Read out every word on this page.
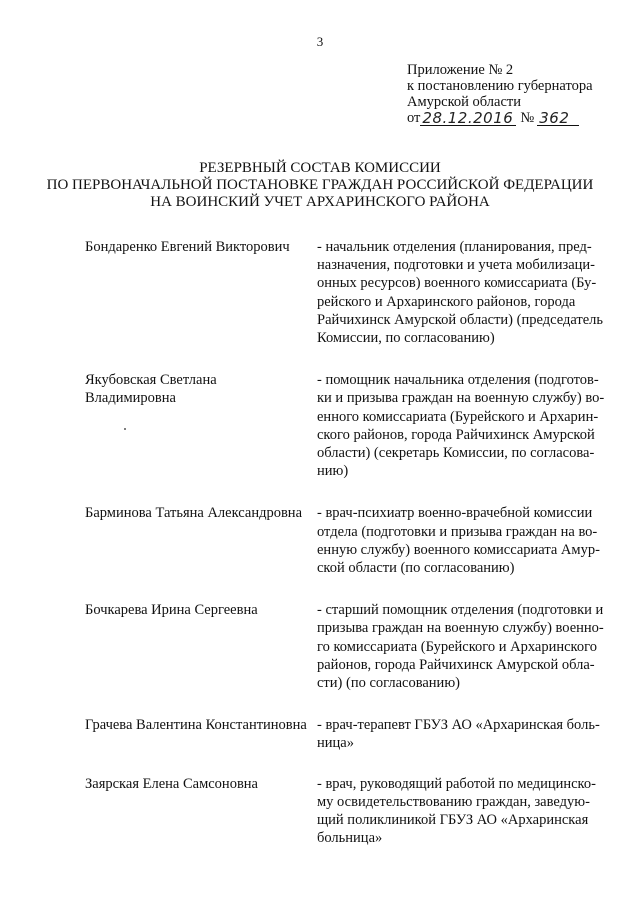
3
Приложение № 2
к постановлению губернатора
Амурской области
от 28.12.2016 № 362
РЕЗЕРВНЫЙ СОСТАВ КОМИССИИ
ПО ПЕРВОНАЧАЛЬНОЙ ПОСТАНОВКЕ ГРАЖДАН РОССИЙСКОЙ ФЕДЕРАЦИИ
НА ВОИНСКИЙ УЧЕТ АРХАРИНСКОГО РАЙОНА
Бондаренко Евгений Викторович	- начальник отделения (планирования, пред-
назначения, подготовки и учета мобилизаци-
онных ресурсов) военного комиссариата (Бу-
рейского и Архаринского районов, города
Райчихинск Амурской области) (председатель
Комиссии, по согласованию)
Якубовская Светлана
Владимировна
- помощник начальника отделения (подготов-
ки и призыва граждан на военную службу) во-
енного комиссариата (Бурейского и Архарин-
ского районов, города Райчихинск Амурской
области) (секретарь Комиссии, по согласова-
нию)
Барминова Татьяна Александровна	- врач-психиатр военно-врачебной комиссии
отдела (подготовки и призыва граждан на во-
енную службу) военного комиссариата Амур-
ской области (по согласованию)
Бочкарева Ирина Сергеевна	- старший помощник отделения (подготовки и
призыва граждан на военную службу) военно-
го комиссариата (Бурейского и Архаринского
районов, города Райчихинск Амурской обла-
сти) (по согласованию)
Грачева Валентина Константиновна - врач-терапевт ГБУЗ АО «Архаринская боль-
ница»
Заярская Елена Самсоновна	- врач, руководящий работой по медицинско-
му освидетельствованию граждан, заведую-
щий поликлиникой ГБУЗ АО «Архаринская
больница»
